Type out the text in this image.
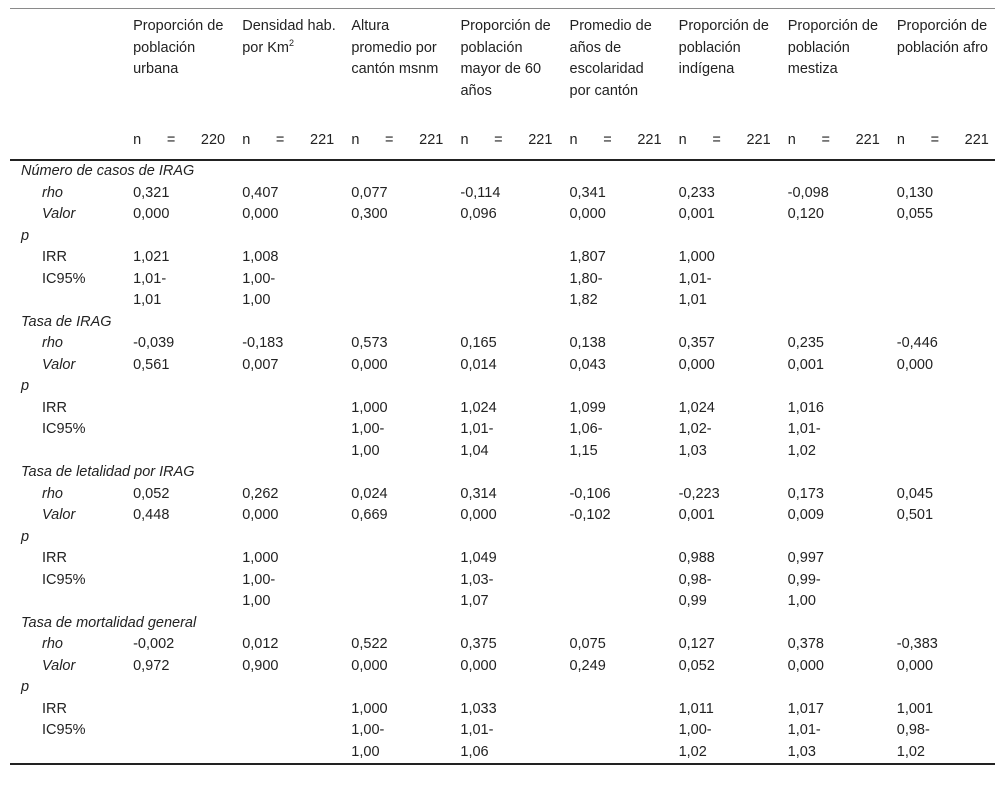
	Proporción de población urbana	Densidad hab. por Km$^2$	Altura promedio por cantón msnm	Proporción de población mayor de 60 años	Promedio de años de escolaridad por cantón	Proporción de población indígena	Proporción de población mestiza	Proporción de población afro

	n = 220	n = 221	n = 221	n = 221	n = 221	n = 221	n = 221	n = 221
Número de casos de IRAG								
rho	0,321	0,407	0,077	-0,114	0,341	0,233	-0,098	0,130
Valor	0,000	0,000	0,300	0,096	0,000	0,001	0,120	0,055
p								
IRR	1,021	1,008			1,807	1,000		
IC95%	1,01-	1,00-			1,80-	1,01-		
	1,01	1,00			1,82	1,01		
Tasa de IRAG								
rho	-0,039	-0,183	0,573	0,165	0,138	0,357	0,235	-0,446
Valor	0,561	0,007	0,000	0,014	0,043	0,000	0,001	0,000
p								
IRR			1,000	1,024	1,099	1,024	1,016	
IC95%			1,00-	1,01-	1,06-	1,02-	1,01-	
			1,00	1,04	1,15	1,03	1,02	
Tasa de letalidad por IRAG								
rho	0,052	0,262	0,024	0,314	-0,106	-0,223	0,173	0,045
Valor	0,448	0,000	0,669	0,000	-0,102	0,001	0,009	0,501
p								
IRR		1,000		1,049		0,988	0,997	
IC95%		1,00-		1,03-		0,98-	0,99-	
		1,00		1,07		0,99	1,00	
Tasa de mortalidad general								
rho	-0,002	0,012	0,522	0,375	0,075	0,127	0,378	-0,383
Valor	0,972	0,900	0,000	0,000	0,249	0,052	0,000	0,000
p								
IRR			1,000	1,033		1,011	1,017	1,001
IC95%			1,00-	1,01-		1,00-	1,01-	0,98-
			1,00	1,06		1,02	1,03	1,02
